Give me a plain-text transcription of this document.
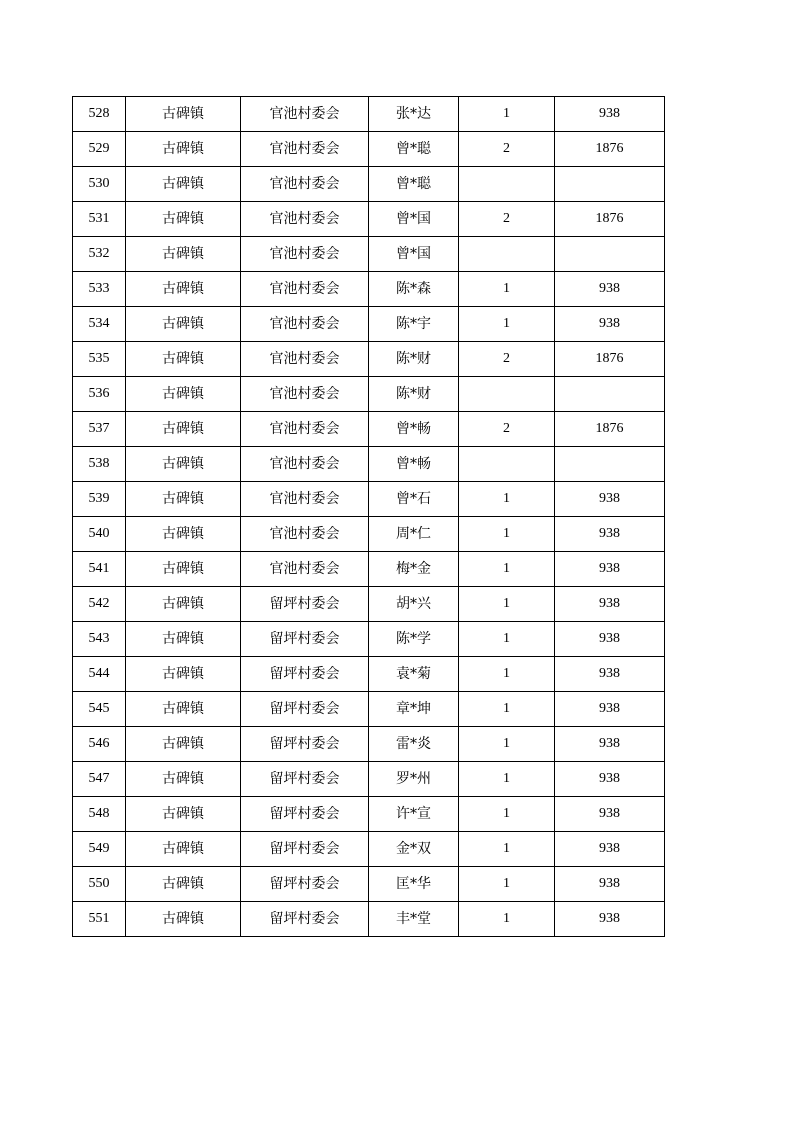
528	古碑镇	官池村委会	张*达	1	938
529	古碑镇	官池村委会	曾*聪	2	1876
530	古碑镇	官池村委会	曾*聪		
531	古碑镇	官池村委会	曾*国	2	1876
532	古碑镇	官池村委会	曾*国		
533	古碑镇	官池村委会	陈*森	1	938
534	古碑镇	官池村委会	陈*宇	1	938
535	古碑镇	官池村委会	陈*财	2	1876
536	古碑镇	官池村委会	陈*财		
537	古碑镇	官池村委会	曾*畅	2	1876
538	古碑镇	官池村委会	曾*畅		
539	古碑镇	官池村委会	曾*石	1	938
540	古碑镇	官池村委会	周*仁	1	938
541	古碑镇	官池村委会	梅*金	1	938
542	古碑镇	留坪村委会	胡*兴	1	938
543	古碑镇	留坪村委会	陈*学	1	938
544	古碑镇	留坪村委会	袁*菊	1	938
545	古碑镇	留坪村委会	章*坤	1	938
546	古碑镇	留坪村委会	雷*炎	1	938
547	古碑镇	留坪村委会	罗*州	1	938
548	古碑镇	留坪村委会	许*宣	1	938
549	古碑镇	留坪村委会	金*双	1	938
550	古碑镇	留坪村委会	匡*华	1	938
551	古碑镇	留坪村委会	丰*堂	1	938
